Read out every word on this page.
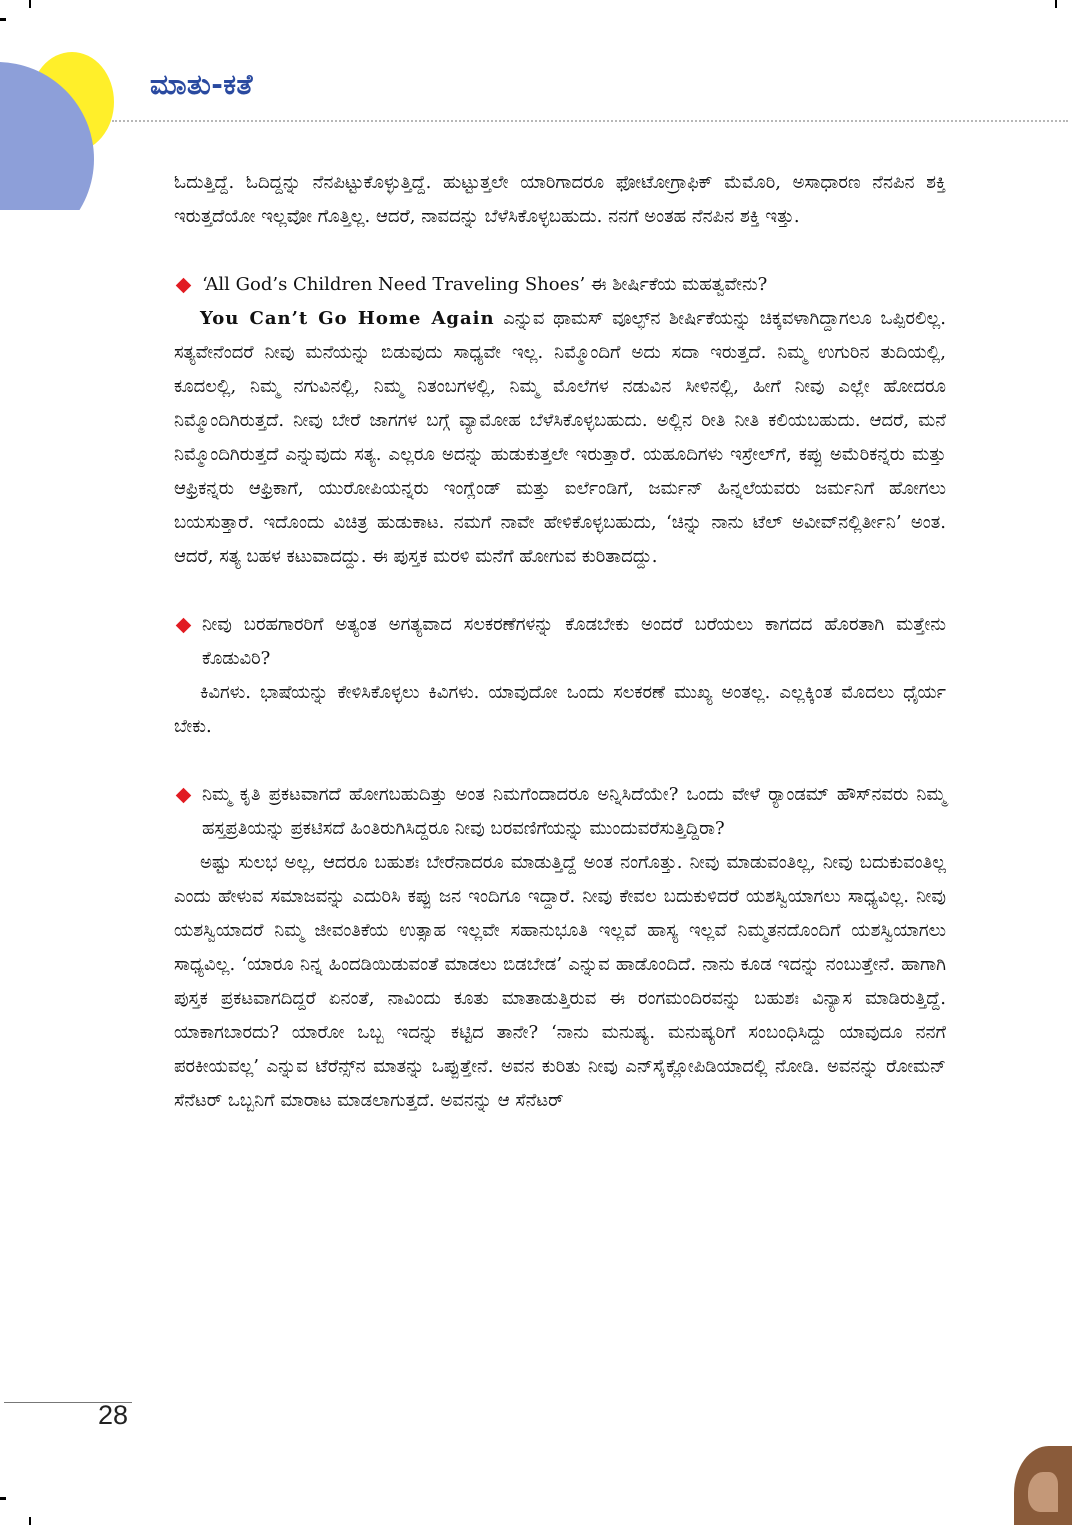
ಮಾತು-ಕತೆ

ಓದುತ್ತಿದ್ದೆ. ಓದಿದ್ದನ್ನು ನೆನಪಿಟ್ಟುಕೊಳ್ಳುತ್ತಿದ್ದೆ. ಹುಟ್ಟುತ್ತಲೇ ಯಾರಿಗಾದರೂ ಫೋಟೋಗ್ರಾಫಿಕ್ ಮೆಮೊರಿ, ಅಸಾಧಾರಣ ನೆನಪಿನ ಶಕ್ತಿ ಇರುತ್ತದೆಯೋ ಇಲ್ಲವೋ ಗೊತ್ತಿಲ್ಲ. ಆದರೆ, ನಾವದನ್ನು ಬೆಳೆಸಿಕೊಳ್ಳಬಹುದು. ನನಗೆ ಅಂತಹ ನೆನಪಿನ ಶಕ್ತಿ ಇತ್ತು.

‘All God’s Children Need Traveling Shoes’ ಈ ಶೀರ್ಷಿಕೆಯ ಮಹತ್ವವೇನು?

You Can’t Go Home Again ಎನ್ನುವ ಥಾಮಸ್ ವೂಲ್ಫ್‌ನ ಶೀರ್ಷಿಕೆಯನ್ನು ಚಿಕ್ಕವಳಾಗಿದ್ದಾಗಲೂ ಒಪ್ಪಿರಲಿಲ್ಲ. ಸತ್ಯವೇನೆಂದರೆ ನೀವು ಮನೆಯನ್ನು ಬಿಡುವುದು ಸಾಧ್ಯವೇ ಇಲ್ಲ. ನಿಮ್ಮೊಂದಿಗೆ ಅದು ಸದಾ ಇರುತ್ತದೆ. ನಿಮ್ಮ ಉಗುರಿನ ತುದಿಯಲ್ಲಿ, ಕೂದಲಲ್ಲಿ, ನಿಮ್ಮ ನಗುವಿನಲ್ಲಿ, ನಿಮ್ಮ ನಿತಂಬಗಳಲ್ಲಿ, ನಿಮ್ಮ ಮೊಲೆಗಳ ನಡುವಿನ ಸೀಳಿನಲ್ಲಿ, ಹೀಗೆ ನೀವು ಎಲ್ಲೇ ಹೋದರೂ ನಿಮ್ಮೊಂದಿಗಿರುತ್ತದೆ. ನೀವು ಬೇರೆ ಜಾಗಗಳ ಬಗ್ಗೆ ವ್ಯಾಮೋಹ ಬೆಳೆಸಿಕೊಳ್ಳಬಹುದು. ಅಲ್ಲಿನ ರೀತಿ ನೀತಿ ಕಲಿಯಬಹುದು. ಆದರೆ, ಮನೆ ನಿಮ್ಮೊಂದಿಗಿರುತ್ತದೆ ಎನ್ನುವುದು ಸತ್ಯ. ಎಲ್ಲರೂ ಅದನ್ನು ಹುಡುಕುತ್ತಲೇ ಇರುತ್ತಾರೆ. ಯಹೂದಿಗಳು ಇಸ್ರೇಲ್‌ಗೆ, ಕಪ್ಪು ಅಮೆರಿಕನ್ನರು ಮತ್ತು ಆಫ್ರಿಕನ್ನರು ಆಫ್ರಿಕಾಗೆ, ಯುರೋಪಿಯನ್ನರು ಇಂಗ್ಲೆಂಡ್ ಮತ್ತು ಐರ್ಲೆಂಡಿಗೆ, ಜರ್ಮನ್ ಹಿನ್ನಲೆಯವರು ಜರ್ಮನಿಗೆ ಹೋಗಲು ಬಯಸುತ್ತಾರೆ. ಇದೊಂದು ವಿಚಿತ್ರ ಹುಡುಕಾಟ. ನಮಗೆ ನಾವೇ ಹೇಳಿಕೊಳ್ಳಬಹುದು, ‘ಚಿನ್ನು ನಾನು ಟೆಲ್ ಅವೀವ್‌ನಲ್ಲಿರ್ತೀನಿ’ ಅಂತ. ಆದರೆ, ಸತ್ಯ ಬಹಳ ಕಟುವಾದದ್ದು. ಈ ಪುಸ್ತಕ ಮರಳಿ ಮನೆಗೆ ಹೋಗುವ ಕುರಿತಾದದ್ದು.

ನೀವು ಬರಹಗಾರರಿಗೆ ಅತ್ಯಂತ ಅಗತ್ಯವಾದ ಸಲಕರಣೆಗಳನ್ನು ಕೊಡಬೇಕು ಅಂದರೆ ಬರೆಯಲು ಕಾಗದದ ಹೊರತಾಗಿ ಮತ್ತೇನು ಕೊಡುವಿರಿ?

ಕಿವಿಗಳು. ಭಾಷೆಯನ್ನು ಕೇಳಿಸಿಕೊಳ್ಳಲು ಕಿವಿಗಳು. ಯಾವುದೋ ಒಂದು ಸಲಕರಣೆ ಮುಖ್ಯ ಅಂತಲ್ಲ. ಎಲ್ಲಕ್ಕಿಂತ ಮೊದಲು ಧೈರ್ಯ ಬೇಕು.

ನಿಮ್ಮ ಕೃತಿ ಪ್ರಕಟವಾಗದೆ ಹೋಗಬಹುದಿತ್ತು ಅಂತ ನಿಮಗೆಂದಾದರೂ ಅನ್ನಿಸಿದೆಯೇ? ಒಂದು ವೇಳೆ ರ್‍ಯಾಂಡಮ್ ಹೌಸ್‌ನವರು ನಿಮ್ಮ ಹಸ್ತಪ್ರತಿಯನ್ನು ಪ್ರಕಟಿಸದೆ ಹಿಂತಿರುಗಿಸಿದ್ದರೂ ನೀವು ಬರವಣಿಗೆಯನ್ನು ಮುಂದುವರೆಸುತ್ತಿದ್ದಿರಾ?

ಅಷ್ಟು ಸುಲಭ ಅಲ್ಲ, ಆದರೂ ಬಹುಶಃ ಬೇರೆನಾದರೂ ಮಾಡುತ್ತಿದ್ದೆ ಅಂತ ನಂಗೊತ್ತು. ನೀವು ಮಾಡುವಂತಿಲ್ಲ, ನೀವು ಬದುಕುವಂತಿಲ್ಲ ಎಂದು ಹೇಳುವ ಸಮಾಜವನ್ನು ಎದುರಿಸಿ ಕಪ್ಪು ಜನ ಇಂದಿಗೂ ಇದ್ದಾರೆ. ನೀವು ಕೇವಲ ಬದುಕುಳಿದರೆ ಯಶಸ್ವಿಯಾಗಲು ಸಾಧ್ಯವಿಲ್ಲ. ನೀವು ಯಶಸ್ವಿಯಾದರೆ ನಿಮ್ಮ ಜೀವಂತಿಕೆಯ ಉತ್ಸಾಹ ಇಲ್ಲವೇ ಸಹಾನುಭೂತಿ ಇಲ್ಲವೆ ಹಾಸ್ಯ ಇಲ್ಲವೆ ನಿಮ್ಮತನದೊಂದಿಗೆ ಯಶಸ್ವಿಯಾಗಲು ಸಾಧ್ಯವಿಲ್ಲ. ‘ಯಾರೂ ನಿನ್ನ ಹಿಂದಡಿಯಿಡುವಂತೆ ಮಾಡಲು ಬಿಡಬೇಡ’ ಎನ್ನುವ ಹಾಡೊಂದಿದೆ. ನಾನು ಕೂಡ ಇದನ್ನು ನಂಬುತ್ತೇನೆ. ಹಾಗಾಗಿ ಪುಸ್ತಕ ಪ್ರಕಟವಾಗದಿದ್ದರೆ ಏನಂತೆ, ನಾವಿಂದು ಕೂತು ಮಾತಾಡುತ್ತಿರುವ ಈ ರಂಗಮಂದಿರವನ್ನು ಬಹುಶಃ ವಿನ್ಯಾಸ ಮಾಡಿರುತ್ತಿದ್ದೆ. ಯಾಕಾಗಬಾರದು? ಯಾರೋ ಒಬ್ಬ ಇದನ್ನು ಕಟ್ಟಿದ ತಾನೇ? ‘ನಾನು ಮನುಷ್ಯ. ಮನುಷ್ಯರಿಗೆ ಸಂಬಂಧಿಸಿದ್ದು ಯಾವುದೂ ನನಗೆ ಪರಕೀಯವಲ್ಲ’ ಎನ್ನುವ ಟೆರೆನ್ಸ್‌ನ ಮಾತನ್ನು ಒಪ್ಪುತ್ತೇನೆ. ಅವನ ಕುರಿತು ನೀವು ಎನ್‌ಸೈಕ್ಲೋಪಿಡಿಯಾದಲ್ಲಿ ನೋಡಿ. ಅವನನ್ನು ರೋಮನ್ ಸೆನೆಟರ್ ಒಬ್ಬನಿಗೆ ಮಾರಾಟ ಮಾಡಲಾಗುತ್ತದೆ. ಅವನನ್ನು ಆ ಸೆನೆಟರ್

28
